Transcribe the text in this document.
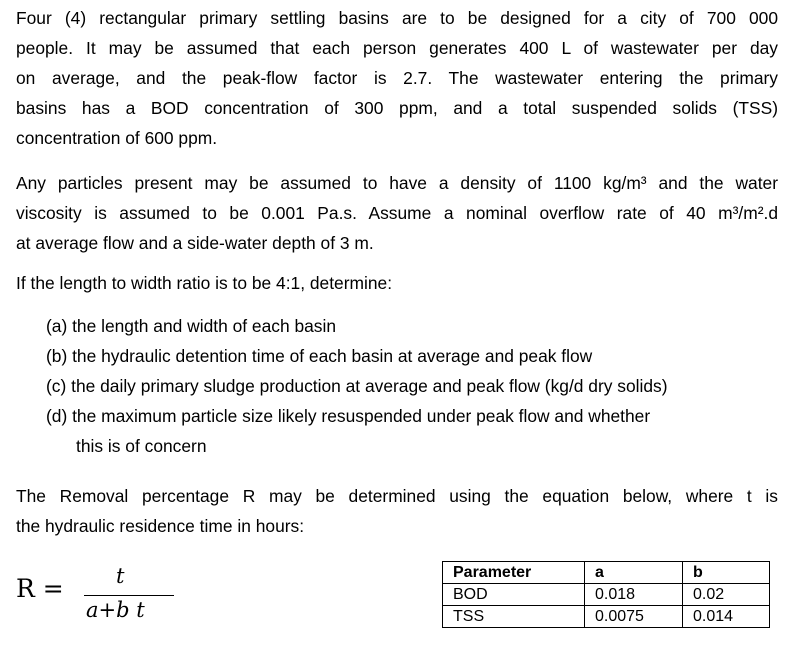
Four (4) rectangular primary settling basins are to be designed for a city of 700 000
people. It may be assumed that each person generates 400 L of wastewater per day
on average, and the peak-flow factor is 2.7. The wastewater entering the primary
basins has a BOD concentration of 300 ppm, and a total suspended solids (TSS)
concentration of 600 ppm.
Any particles present may be assumed to have a density of 1100 kg/m³ and the water
viscosity is assumed to be 0.001 Pa.s. Assume a nominal overflow rate of 40 m³/m².d
at average flow and a side-water depth of 3 m.
If the length to width ratio is to be 4:1, determine:
(a) the length and width of each basin
(b) the hydraulic detention time of each basin at average and peak flow
(c) the daily primary sludge production at average and peak flow (kg/d dry solids)
(d) the maximum particle size likely resuspended under peak flow and whether
this is of concern
The Removal percentage R may be determined using the equation below, where t is
the hydraulic residence time in hours:
R = t
a+b t
Parameter	a	b
BOD	0.018	0.02
TSS	0.0075	0.014
